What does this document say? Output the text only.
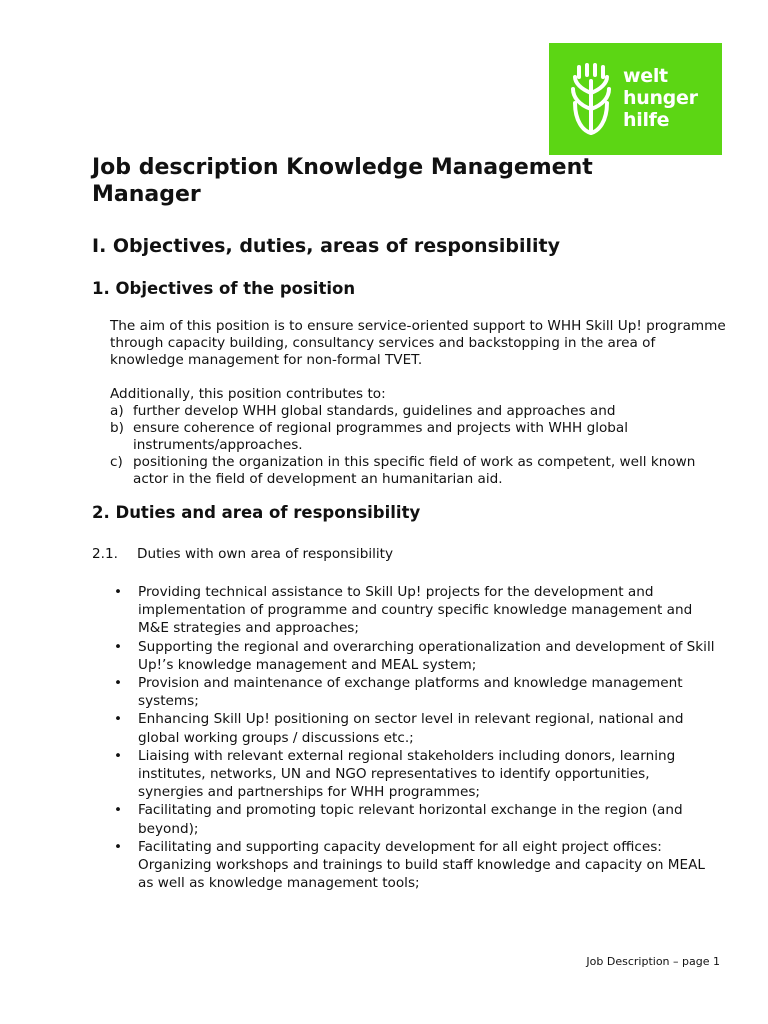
welt
hunger
hilfe
Job description Knowledge Management Manager
I. Objectives, duties, areas of responsibility
1. Objectives of the position

The aim of this position is to ensure service-oriented support to WHH Skill Up! programme through capacity building, consultancy services and backstopping in the area of knowledge management for non-formal TVET.

Additionally, this position contributes to:

a) further develop WHH global standards, guidelines and approaches and
b) ensure coherence of regional programmes and projects with WHH global instruments/approaches.
c) positioning the organization in this specific field of work as competent, well known actor in the field of development an humanitarian aid.
2. Duties and area of responsibility
2.1. Duties with own area of responsibility
• Providing technical assistance to Skill Up! projects for the development and implementation of programme and country specific knowledge management and M&E strategies and approaches;
• Supporting the regional and overarching operationalization and development of Skill Up!’s knowledge management and MEAL system;
• Provision and maintenance of exchange platforms and knowledge management systems;
• Enhancing Skill Up! positioning on sector level in relevant regional, national and global working groups / discussions etc.;
• Liaising with relevant external regional stakeholders including donors, learning institutes, networks, UN and NGO representatives to identify opportunities, synergies and partnerships for WHH programmes;
• Facilitating and promoting topic relevant horizontal exchange in the region (and beyond);
• Facilitating and supporting capacity development for all eight project offices: Organizing workshops and trainings to build staff knowledge and capacity on MEAL as well as knowledge management tools;
Job Description – page 1
